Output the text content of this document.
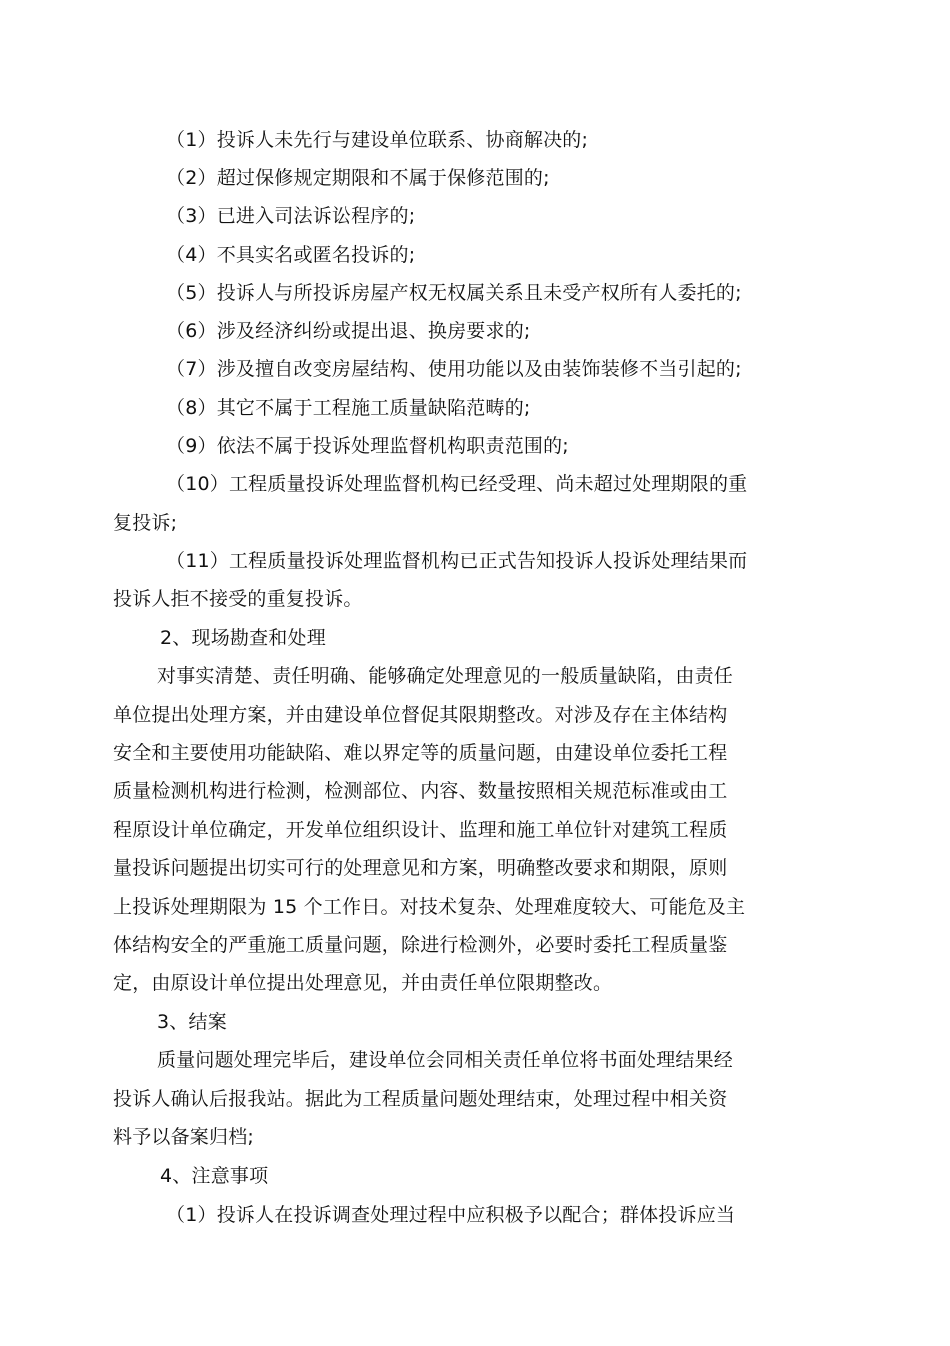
（1）投诉人未先行与建设单位联系、协商解决的;
（2）超过保修规定期限和不属于保修范围的;
（3）已进入司法诉讼程序的;
（4）不具实名或匿名投诉的;
（5）投诉人与所投诉房屋产权无权属关系且未受产权所有人委托的;
（6）涉及经济纠纷或提出退、换房要求的;
（7）涉及擅自改变房屋结构、使用功能以及由装饰装修不当引起的;
（8）其它不属于工程施工质量缺陷范畴的;
（9）依法不属于投诉处理监督机构职责范围的;
（10）工程质量投诉处理监督机构已经受理、尚未超过处理期限的重
复投诉;
（11）工程质量投诉处理监督机构已正式告知投诉人投诉处理结果而
投诉人拒不接受的重复投诉。
2、现场勘查和处理
对事实清楚、责任明确、能够确定处理意见的一般质量缺陷，由责任
单位提出处理方案，并由建设单位督促其限期整改。对涉及存在主体结构
安全和主要使用功能缺陷、难以界定等的质量问题，由建设单位委托工程
质量检测机构进行检测，检测部位、内容、数量按照相关规范标准或由工
程原设计单位确定，开发单位组织设计、监理和施工单位针对建筑工程质
量投诉问题提出切实可行的处理意见和方案，明确整改要求和期限，原则
上投诉处理期限为 15 个工作日。对技术复杂、处理难度较大、可能危及主
体结构安全的严重施工质量问题，除进行检测外，必要时委托工程质量鉴
定，由原设计单位提出处理意见，并由责任单位限期整改。
3、结案
质量问题处理完毕后，建设单位会同相关责任单位将书面处理结果经
投诉人确认后报我站。据此为工程质量问题处理结束，处理过程中相关资
料予以备案归档;
4、注意事项
（1）投诉人在投诉调查处理过程中应积极予以配合；群体投诉应当
